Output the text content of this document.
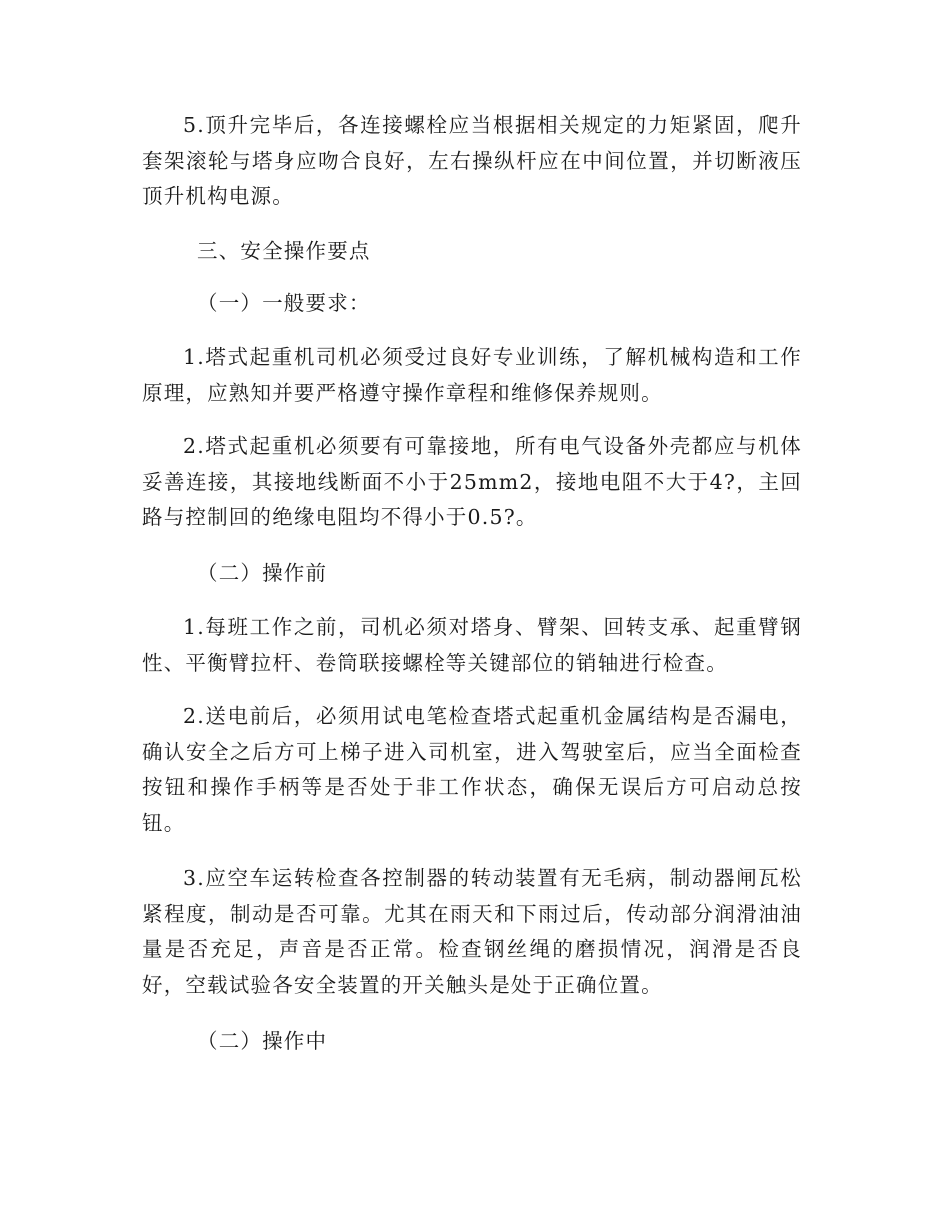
5.顶升完毕后，各连接螺栓应当根据相关规定的力矩紧固，爬升套架滚轮与塔身应吻合良好，左右操纵杆应在中间位置，并切断液压顶升机构电源。

三、安全操作要点

（一）一般要求：

1.塔式起重机司机必须受过良好专业训练，了解机械构造和工作原理，应熟知并要严格遵守操作章程和维修保养规则。

2.塔式起重机必须要有可靠接地，所有电气设备外壳都应与机体妥善连接，其接地线断面不小于25mm2，接地电阻不大于4?，主回路与控制回的绝缘电阻均不得小于0.5?。

（二）操作前

1.每班工作之前，司机必须对塔身、臂架、回转支承、起重臂钢性、平衡臂拉杆、卷筒联接螺栓等关键部位的销轴进行检查。

2.送电前后，必须用试电笔检查塔式起重机金属结构是否漏电，确认安全之后方可上梯子进入司机室，进入驾驶室后，应当全面检查按钮和操作手柄等是否处于非工作状态，确保无误后方可启动总按钮。

3.应空车运转检查各控制器的转动装置有无毛病，制动器闸瓦松紧程度，制动是否可靠。尤其在雨天和下雨过后，传动部分润滑油油量是否充足，声音是否正常。检查钢丝绳的磨损情况，润滑是否良好，空载试验各安全装置的开关触头是处于正确位置。

（二）操作中
